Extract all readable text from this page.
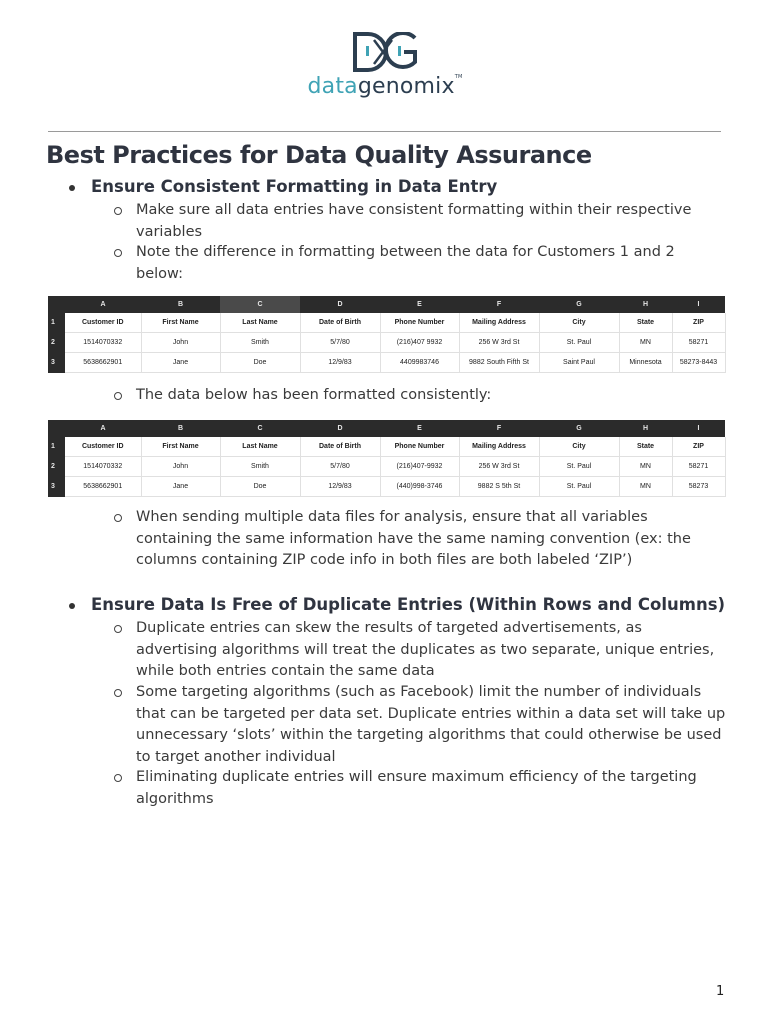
datagenomix™
Best Practices for Data Quality Assurance
Ensure Consistent Formatting in Data Entry
Make sure all data entries have consistent formatting within their respective variables
Note the difference in formatting between the data for Customers 1 and 2 below:
	A	B	C	D	E	F	G	H	I
1	Customer ID	First Name	Last Name	Date of Birth	Phone Number	Mailing Address	City	State	ZIP
2	1514070332	John	Smith	5/7/80	(216)407 9932	256 W 3rd St	St. Paul	MN	58271
3	5638662901	Jane	Doe	12/9/83	4409983746	9882 South Fifth St	Saint Paul	Minnesota	58273-8443
The data below has been formatted consistently:
	A	B	C	D	E	F	G	H	I
1	Customer ID	First Name	Last Name	Date of Birth	Phone Number	Mailing Address	City	State	ZIP
2	1514070332	John	Smith	5/7/80	(216)407-9932	256 W 3rd St	St. Paul	MN	58271
3	5638662901	Jane	Doe	12/9/83	(440)998-3746	9882 S 5th St	St. Paul	MN	58273
When sending multiple data files for analysis, ensure that all variables containing the same information have the same naming convention (ex: the columns containing ZIP code info in both files are both labeled ‘ZIP’)
Ensure Data Is Free of Duplicate Entries (Within Rows and Columns)
Duplicate entries can skew the results of targeted advertisements, as advertising algorithms will treat the duplicates as two separate, unique entries, while both entries contain the same data
Some targeting algorithms (such as Facebook) limit the number of individuals that can be targeted per data set. Duplicate entries within a data set will take up unnecessary ‘slots’ within the targeting algorithms that could otherwise be used to target another individual
Eliminating duplicate entries will ensure maximum efficiency of the targeting algorithms
1
